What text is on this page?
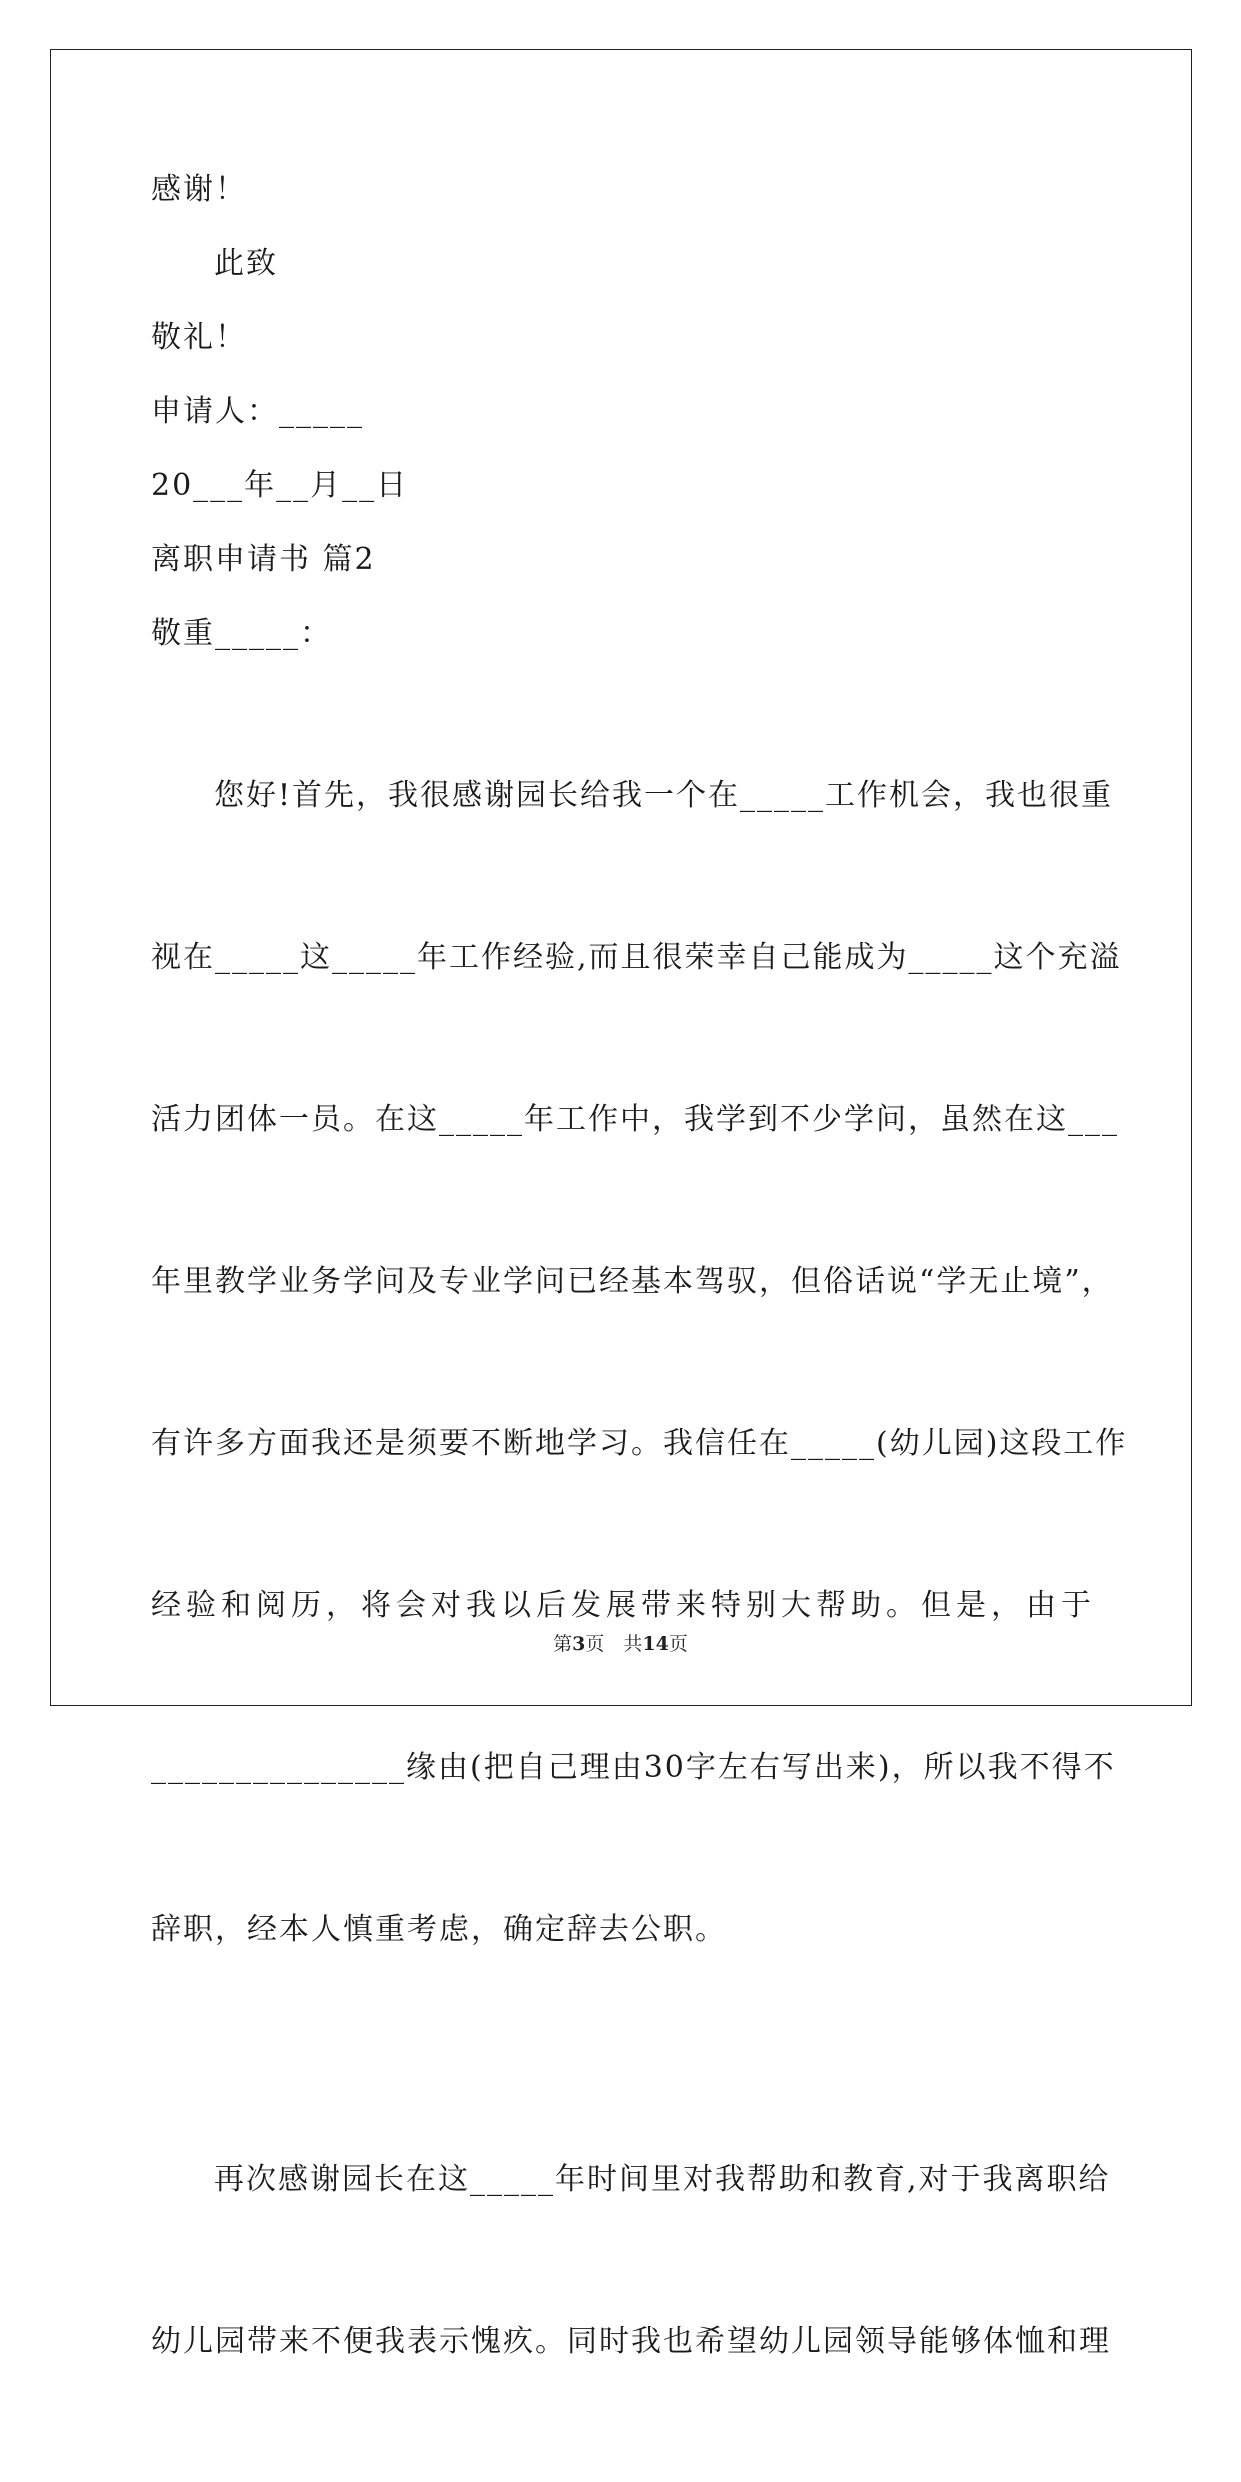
感谢！
此致
敬礼！
申请人：_____
20___年__月__日
离职申请书 篇2
敬重_____：

您好!首先，我很感谢园长给我一个在_____工作机会，我也很重

视在_____这_____年工作经验,而且很荣幸自己能成为_____这个充溢

活力团体一员。在这_____年工作中，我学到不少学问，虽然在这___

年里教学业务学问及专业学问已经基本驾驭，但俗话说“学无止境”，

有许多方面我还是须要不断地学习。我信任在_____(幼儿园)这段工作

经验和阅历，将会对我以后发展带来特别大帮助。但是，由于

_______________缘由(把自己理由30字左右写出来)，所以我不得不

辞职，经本人慎重考虑，确定辞去公职。

再次感谢园长在这_____年时间里对我帮助和教育,对于我离职给

幼儿园带来不便我表示愧疚。同时我也希望幼儿园领导能够体恤和理

第3页　共14页
